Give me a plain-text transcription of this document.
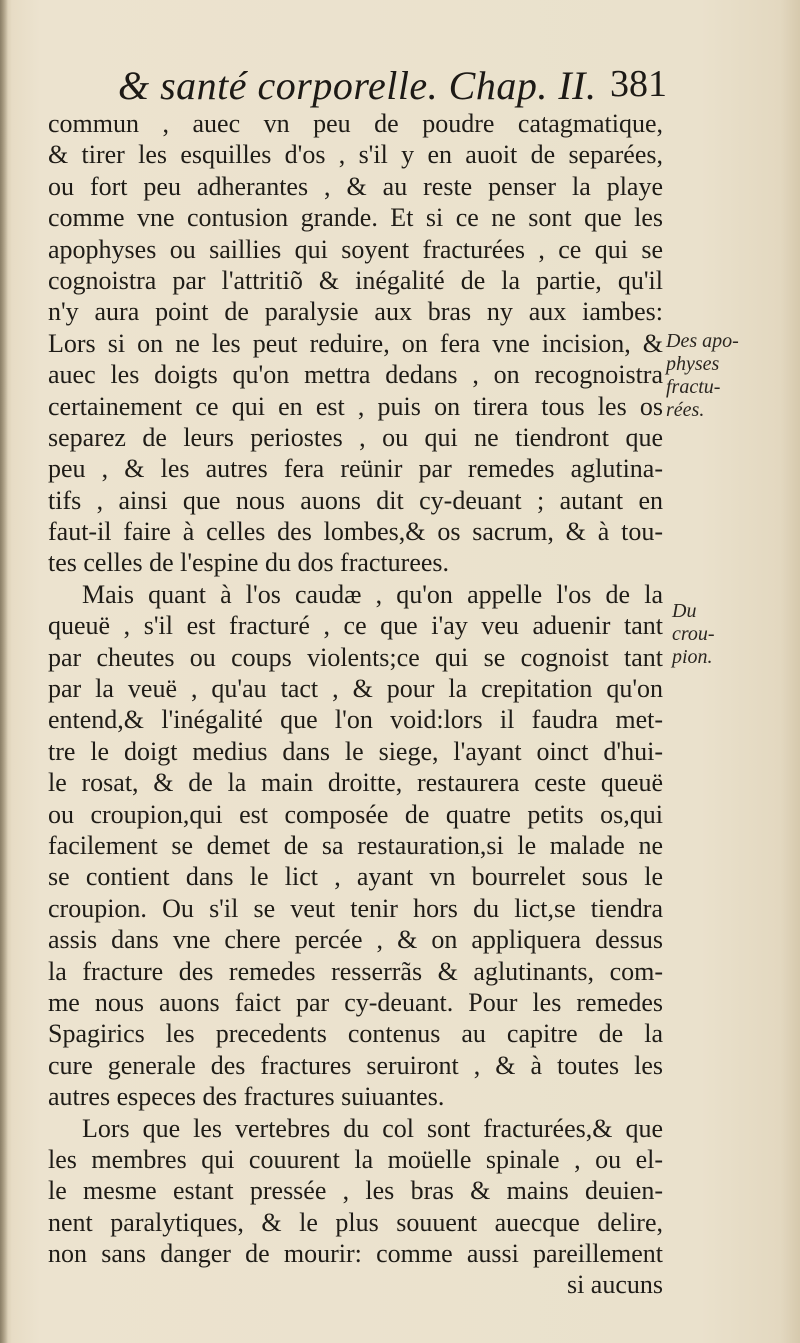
& santé corporelle. Chap. II. 381
commun , auec vn peu de poudre catagmatique,
& tirer les esquilles d'os , s'il y en auoit de separées,
ou fort peu adherantes , & au reste penser la playe
comme vne contusion grande. Et si ce ne sont que les
apophyses ou saillies qui soyent fracturées , ce qui se
cognoistra par l'attritiõ & inégalité de la partie, qu'il
n'y aura point de paralysie aux bras ny aux iambes:
Lors si on ne les peut reduire, on fera vne incision, &
auec les doigts qu'on mettra dedans , on recognoistra
certainement ce qui en est , puis on tirera tous les os
separez de leurs periostes , ou qui ne tiendront que
peu , & les autres fera reünir par remedes aglutina-
tifs , ainsi que nous auons dit cy-deuant ; autant en
faut-il faire à celles des lombes,& os sacrum, & à tou-
tes celles de l'espine du dos fracturees.
Mais quant à l'os caudæ , qu'on appelle l'os de la
queuë , s'il est fracturé , ce que i'ay veu aduenir tant
par cheutes ou coups violents;ce qui se cognoist tant
par la veuë , qu'au tact , & pour la crepitation qu'on
entend,& l'inégalité que l'on void:lors il faudra met-
tre le doigt medius dans le siege, l'ayant oinct d'hui-
le rosat, & de la main droitte, restaurera ceste queuë
ou croupion,qui est composée de quatre petits os,qui
facilement se demet de sa restauration,si le malade ne
se contient dans le lict , ayant vn bourrelet sous le
croupion. Ou s'il se veut tenir hors du lict,se tiendra
assis dans vne chere percée , & on appliquera dessus
la fracture des remedes resserrãs & aglutinants, com-
me nous auons faict par cy-deuant. Pour les remedes
Spagirics les precedents contenus au capitre de la
cure generale des fractures seruiront , & à toutes les
autres especes des fractures suiuantes.
Lors que les vertebres du col sont fracturées,& que
les membres qui couurent la moüelle spinale , ou el-
le mesme estant pressée , les bras & mains deuien-
nent paralytiques, & le plus souuent auecque delire,
non sans danger de mourir: comme aussi pareillement
si aucuns
Des apo-
physes
fractu-
rées.
Du
crou-
pion.
